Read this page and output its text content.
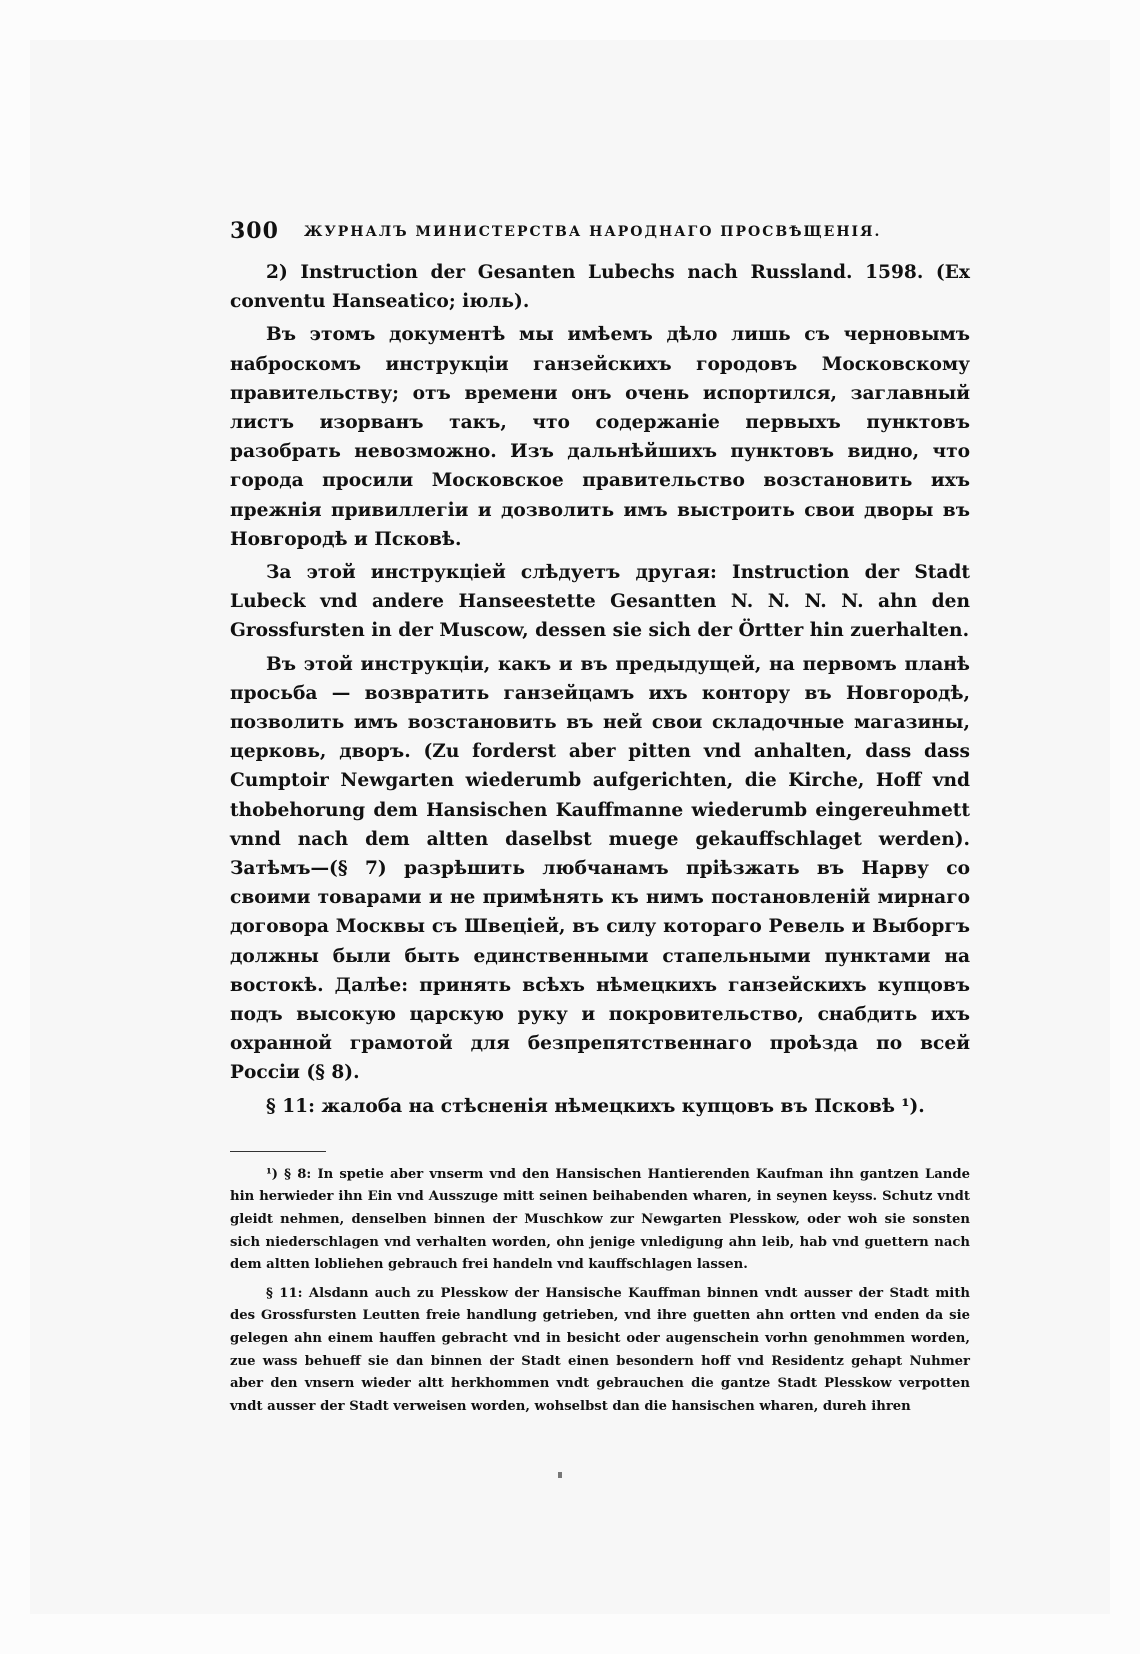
300 ЖУРНАЛЪ МИНИСТЕРСТВА НАРОДНАГО ПРОСВѢЩЕНІЯ.

2) Instruction der Gesanten Lubechs nach Russland. 1598. (Ex conventu Hanseatico; іюль).

Въ этомъ документѣ мы имѣемъ дѣло лишь съ черновымъ наброскомъ инструкціи ганзейскихъ городовъ Московскому правительству; отъ времени онъ очень испортился, заглавный листъ изорванъ такъ, что содержаніе первыхъ пунктовъ разобрать невозможно. Изъ дальнѣйшихъ пунктовъ видно, что города просили Московское правительство возстановить ихъ прежнія привиллегіи и дозволить имъ выстроить свои дворы въ Новгородѣ и Псковѣ.

За этой инструкціей слѣдуетъ другая: Instruction der Stadt Lubeck vnd andere Hanseestette Gesantten N. N. N. N. ahn den Grossfursten in der Muscow, dessen sie sich der Örtter hin zuerhalten.

Въ этой инструкціи, какъ и въ предыдущей, на первомъ планѣ просьба — возвратить ганзейцамъ ихъ контору въ Новгородѣ, позволить имъ возстановить въ ней свои складочные магазины, церковь, дворъ. (Zu forderst aber pitten vnd anhalten, dass dass Cumptoir Newgarten wiederumb aufgerichten, die Kirche, Hoff vnd thobehorung dem Hansischen Kauffmanne wiederumb eingereuhmett vnnd nach dem altten daselbst muege gekauffschlaget werden). Затѣмъ—(§ 7) разрѣшить любчанамъ пріѣзжать въ Нарву со своими товарами и не примѣнять къ нимъ постановленій мирнаго договора Москвы съ Швеціей, въ силу котораго Ревель и Выборгъ должны были быть единственными стапельными пунктами на востокѣ. Далѣе: принять всѣхъ нѣмецкихъ ганзейскихъ купцовъ подъ высокую царскую руку и покровительство, снабдить ихъ охранной грамотой для безпрепятственнаго проѣзда по всей Россіи (§ 8).

§ 11: жалоба на стѣсненія нѣмецкихъ купцовъ въ Псковѣ ¹).

¹) § 8: In spetie aber vnserm vnd den Hansischen Hantierenden Kaufman ihn gantzen Lande hin herwieder ihn Ein vnd Ausszuge mitt seinen beihabenden wharen, in seynen keyss. Schutz vndt gleidt nehmen, denselben binnen der Muschkow zur Newgarten Plesskow, oder woh sie sonsten sich niederschlagen vnd verhalten worden, ohn jenige vnledigung ahn leib, hab vnd guettern nach dem altten lobliehen gebrauch frei handeln vnd kauffschlagen lassen.

§ 11: Alsdann auch zu Plesskow der Hansische Kauffman binnen vndt ausser der Stadt mith des Grossfursten Leutten freie handlung getrieben, vnd ihre guetten ahn ortten vnd enden da sie gelegen ahn einem hauffen gebracht vnd in besicht oder augenschein vorhn genohmmen worden, zue wass behueff sie dan binnen der Stadt einen besondern hoff vnd Residentz gehapt Nuhmer aber den vnsern wieder altt herkhommen vndt gebrauchen die gantze Stadt Plesskow verpotten vndt ausser der Stadt verweisen worden, wohselbst dan die hansischen wharen, dureh ihren
